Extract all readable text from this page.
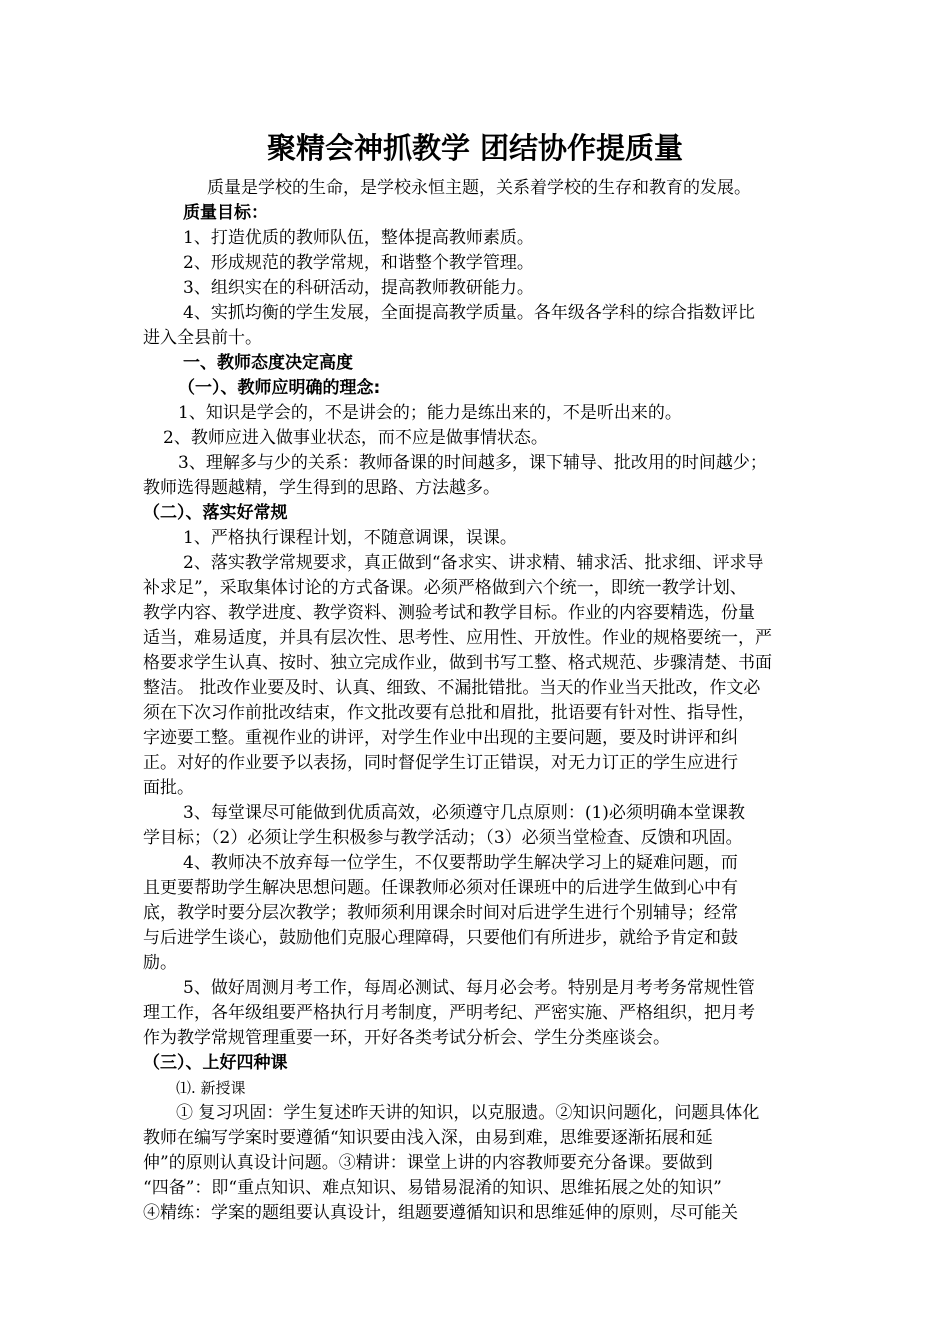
聚精会神抓教学 团结协作提质量
质量是学校的生命，是学校永恒主题，关系着学校的生存和教育的发展。
质量目标：
1、打造优质的教师队伍，整体提高教师素质。
2、形成规范的教学常规，和谐整个教学管理。
3、组织实在的科研活动，提高教师教研能力。
4、实抓均衡的学生发展，全面提高教学质量。各年级各学科的综合指数评比
进入全县前十。
一、教师态度决定高度
（一）、教师应明确的理念:
1、知识是学会的，不是讲会的；能力是练出来的，不是听出来的。
2、教师应进入做事业状态，而不应是做事情状态。
3、理解多与少的关系：教师备课的时间越多，课下辅导、批改用的时间越少；
教师选得题越精，学生得到的思路、方法越多。
（二）、落实好常规
1、严格执行课程计划，不随意调课，误课。
2、落实教学常规要求，真正做到“备求实、讲求精、辅求活、批求细、评求导
补求足”，采取集体讨论的方式备课。必须严格做到六个统一，即统一教学计划、
教学内容、教学进度、教学资料、测验考试和教学目标。作业的内容要精选，份量
适当，难易适度，并具有层次性、思考性、应用性、开放性。作业的规格要统一，严
格要求学生认真、按时、独立完成作业，做到书写工整、格式规范、步骤清楚、书面
整洁。 批改作业要及时、认真、细致、不漏批错批。当天的作业当天批改，作文必
须在下次习作前批改结束，作文批改要有总批和眉批，批语要有针对性、指导性，
字迹要工整。重视作业的讲评，对学生作业中出现的主要问题，要及时讲评和纠
正。对好的作业要予以表扬，同时督促学生订正错误，对无力订正的学生应进行
面批。
3、每堂课尽可能做到优质高效，必须遵守几点原则：(1)必须明确本堂课教
学目标；（2）必须让学生积极参与教学活动；（3）必须当堂检查、反馈和巩固。
4、教师决不放弃每一位学生，不仅要帮助学生解决学习上的疑难问题，而
且更要帮助学生解决思想问题。任课教师必须对任课班中的后进学生做到心中有
底，教学时要分层次教学；教师须利用课余时间对后进学生进行个别辅导；经常
与后进学生谈心，鼓励他们克服心理障碍，只要他们有所进步，就给予肯定和鼓
励。
5、做好周测月考工作，每周必测试、每月必会考。特别是月考考务常规性管
理工作，各年级组要严格执行月考制度，严明考纪、严密实施、严格组织，把月考
作为教学常规管理重要一环，开好各类考试分析会、学生分类座谈会。
（三）、上好四种课
⑴. 新授课
① 复习巩固：学生复述昨天讲的知识，以克服遗。②知识问题化，问题具体化
教师在编写学案时要遵循“知识要由浅入深，由易到难，思维要逐渐拓展和延
伸”的原则认真设计问题。③精讲：课堂上讲的内容教师要充分备课。要做到
“四备”：即“重点知识、难点知识、易错易混淆的知识、思维拓展之处的知识”
④精练：学案的题组要认真设计，组题要遵循知识和思维延伸的原则，尽可能关
